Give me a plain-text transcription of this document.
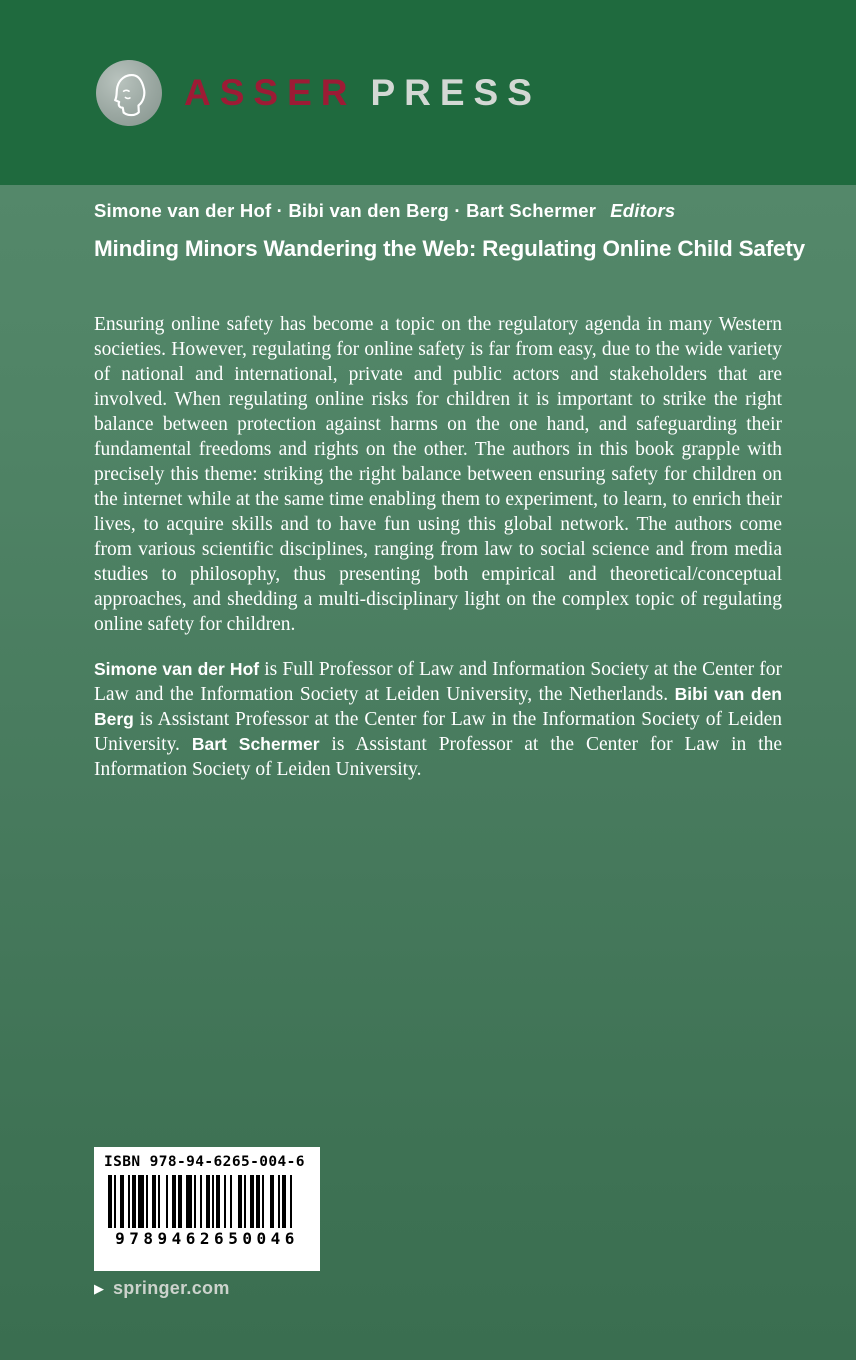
ASSER PRESS
Simone van der Hof · Bibi van den Berg · Bart Schermer Editors
Minding Minors Wandering the Web: Regulating Online Child Safety

Ensuring online safety has become a topic on the regulatory agenda in many Western societies. However, regulating for online safety is far from easy, due to the wide variety of national and international, private and public actors and stakeholders that are involved. When regulating online risks for children it is important to strike the right balance between protection against harms on the one hand, and safeguarding their fundamental freedoms and rights on the other. The authors in this book grapple with precisely this theme: striking the right balance between ensuring safety for children on the internet while at the same time enabling them to experiment, to learn, to enrich their lives, to acquire skills and to have fun using this global network. The authors come from various scientific disciplines, ranging from law to social science and from media studies to philosophy, thus presenting both empirical and theoretical/conceptual approaches, and shedding a multi-disciplinary light on the complex topic of regulating online safety for children.

Simone van der Hof is Full Professor of Law and Information Society at the Center for Law and the Information Society at Leiden University, the Netherlands. Bibi van den Berg is Assistant Professor at the Center for Law in the Information Society of Leiden University. Bart Schermer is Assistant Professor at the Center for Law in the Information Society of Leiden University.

ISBN 978-94-6265-004-6
9789462650046
▶ springer.com
